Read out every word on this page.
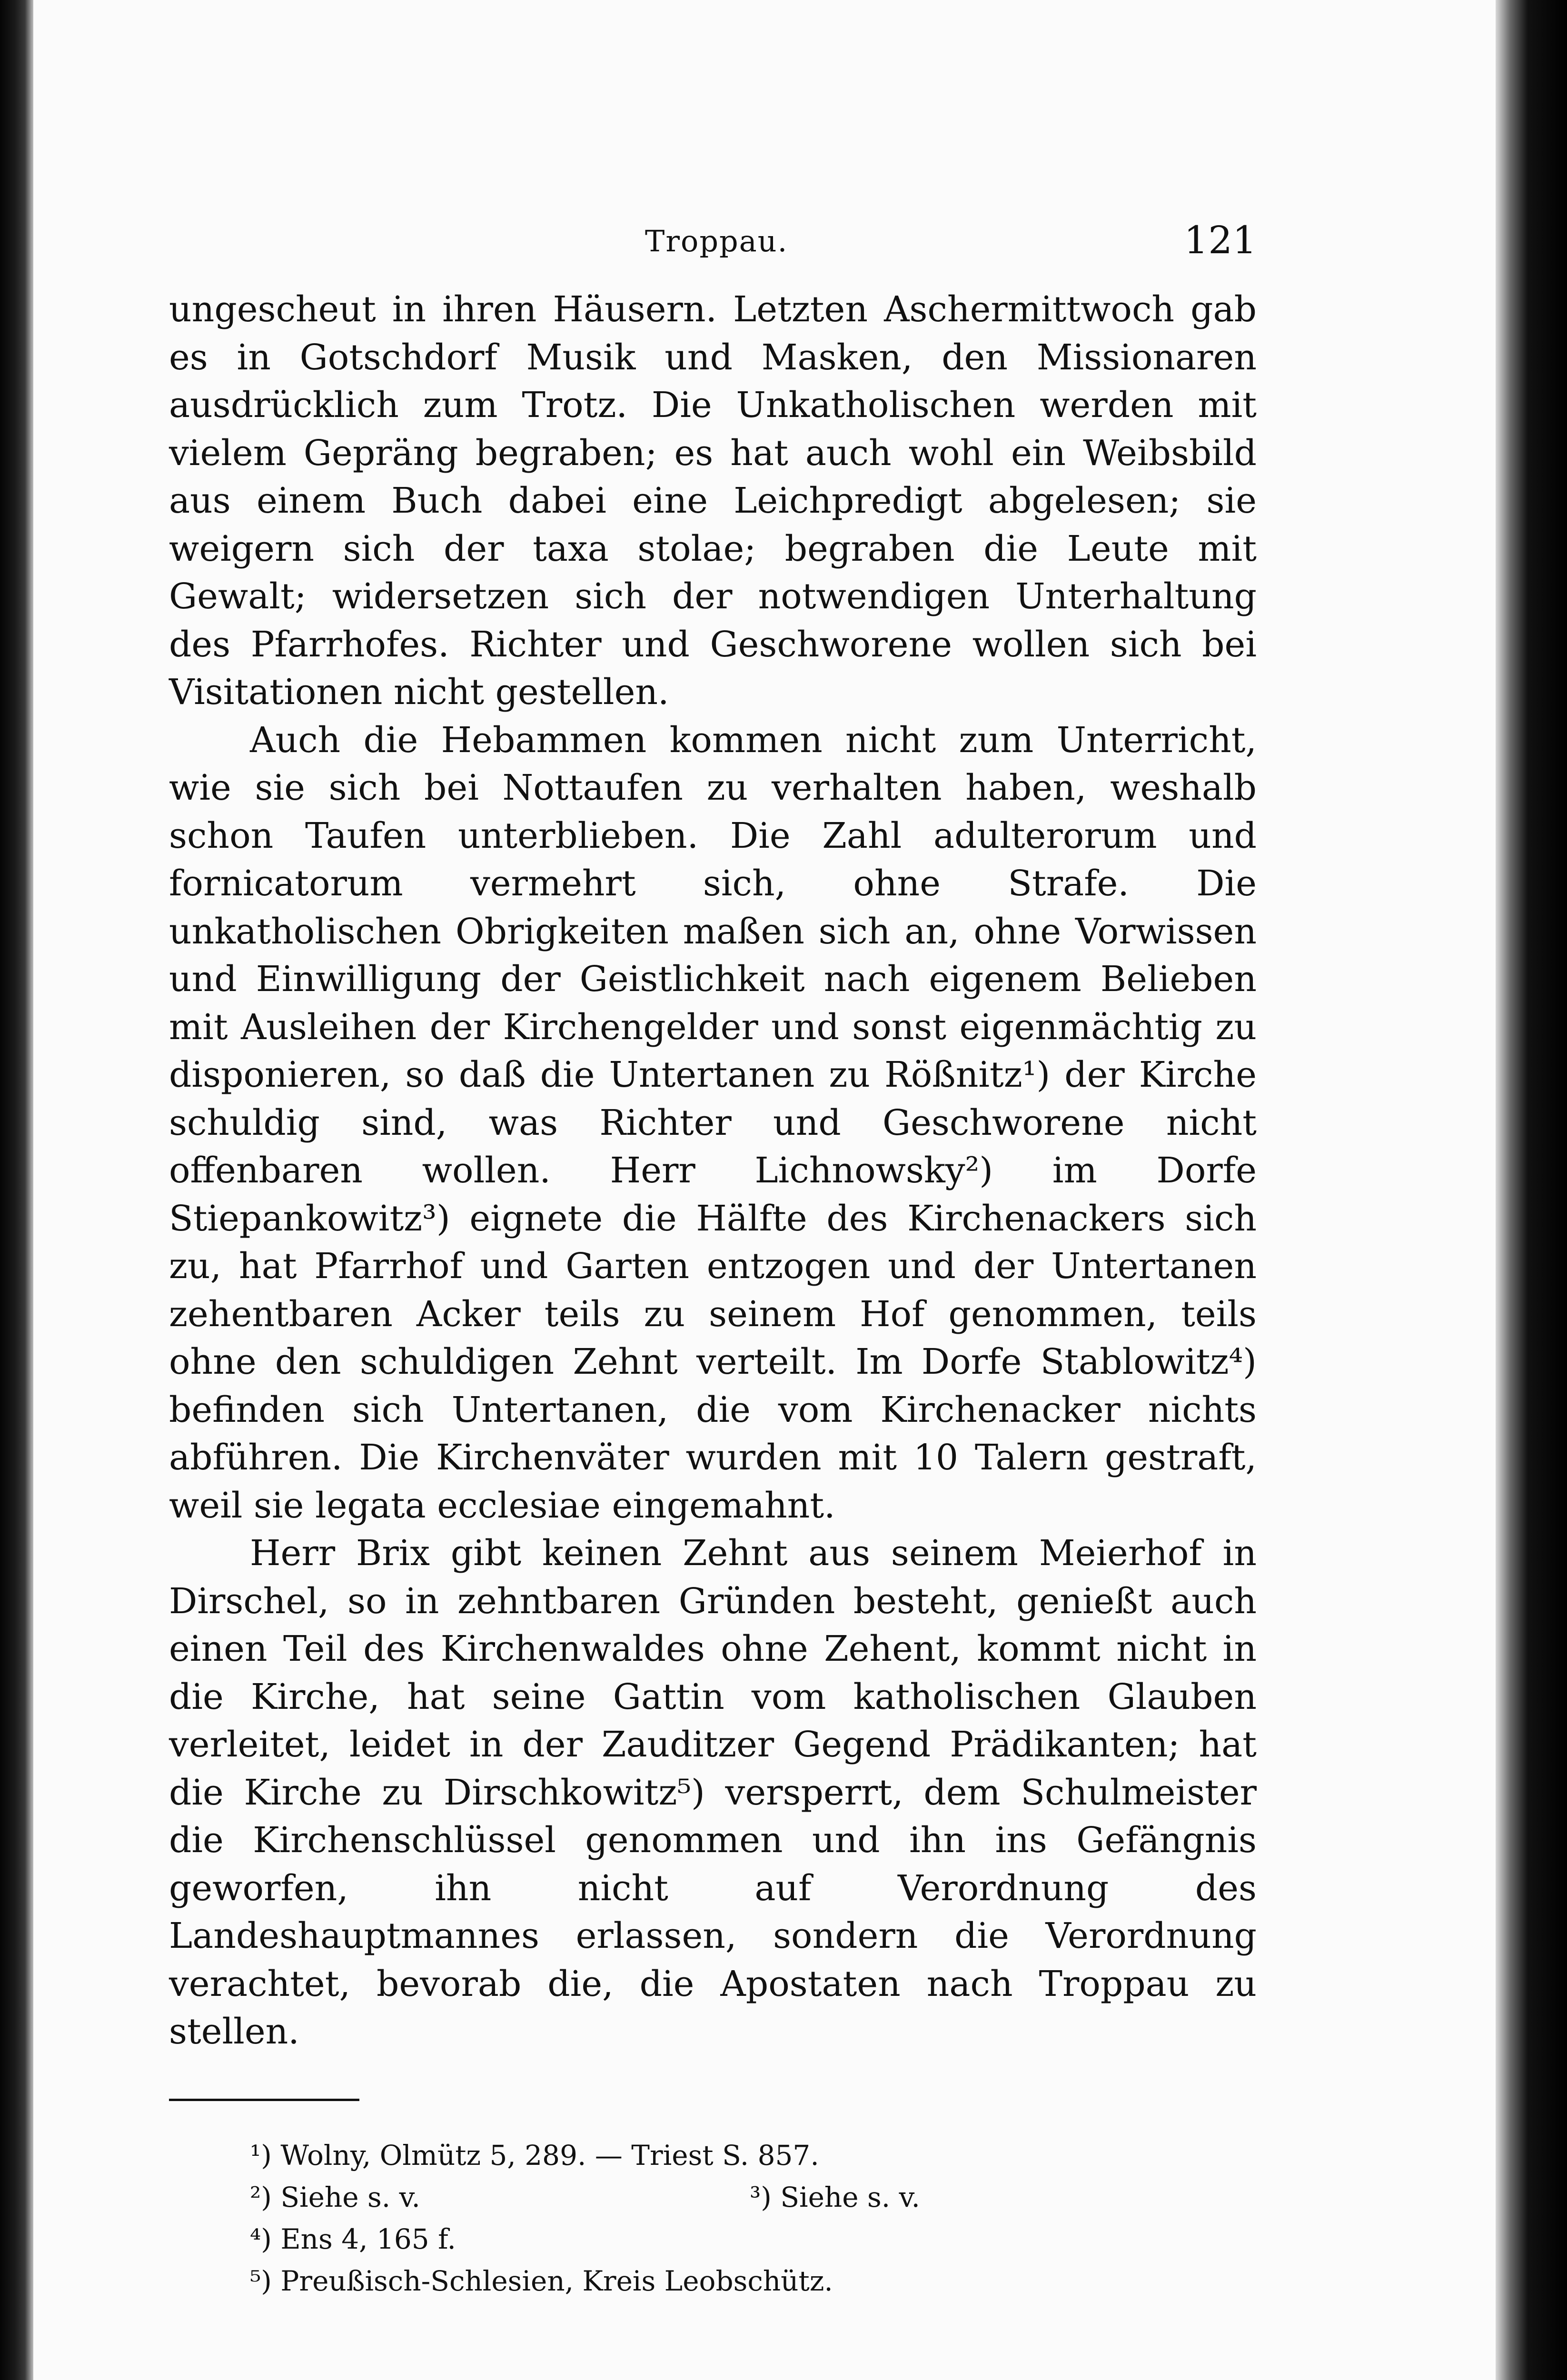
Troppau.	121

ungescheut in ihren Häusern. Letzten Aschermittwoch gab es in Gotschdorf Musik und Masken, den Missionaren ausdrücklich zum Trotz. Die Unkatholischen werden mit vielem Gepräng begraben; es hat auch wohl ein Weibsbild aus einem Buch dabei eine Leichpredigt abgelesen; sie weigern sich der taxa stolae; begraben die Leute mit Gewalt; widersetzen sich der notwendigen Unterhaltung des Pfarrhofes. Richter und Geschworene wollen sich bei Visitationen nicht gestellen.

Auch die Hebammen kommen nicht zum Unterricht, wie sie sich bei Nottaufen zu verhalten haben, weshalb schon Taufen unterblieben. Die Zahl adulterorum und fornicatorum vermehrt sich, ohne Strafe. Die unkatholischen Obrigkeiten maßen sich an, ohne Vorwissen und Einwilligung der Geistlichkeit nach eigenem Belieben mit Ausleihen der Kirchengelder und sonst eigenmächtig zu disponieren, so daß die Untertanen zu Rößnitz¹) der Kirche schuldig sind, was Richter und Geschworene nicht offenbaren wollen. Herr Lichnowsky²) im Dorfe Stiepankowitz³) eignete die Hälfte des Kirchenackers sich zu, hat Pfarrhof und Garten entzogen und der Untertanen zehentbaren Acker teils zu seinem Hof genommen, teils ohne den schuldigen Zehnt verteilt. Im Dorfe Stablowitz⁴) befinden sich Untertanen, die vom Kirchenacker nichts abführen. Die Kirchenväter wurden mit 10 Talern gestraft, weil sie legata ecclesiae eingemahnt.

Herr Brix gibt keinen Zehnt aus seinem Meierhof in Dirschel, so in zehntbaren Gründen besteht, genießt auch einen Teil des Kirchenwaldes ohne Zehent, kommt nicht in die Kirche, hat seine Gattin vom katholischen Glauben verleitet, leidet in der Zauditzer Gegend Prädikanten; hat die Kirche zu Dirschkowitz⁵) versperrt, dem Schulmeister die Kirchenschlüssel genommen und ihn ins Gefängnis geworfen, ihn nicht auf Verordnung des Landeshauptmannes erlassen, sondern die Verordnung verachtet, bevorab die, die Apostaten nach Troppau zu stellen.

¹) Wolny, Olmütz 5, 289. — Triest S. 857.
²) Siehe s. v.	³) Siehe s. v.
⁴) Ens 4, 165 f.
⁵) Preußisch-Schlesien, Kreis Leobschütz.
